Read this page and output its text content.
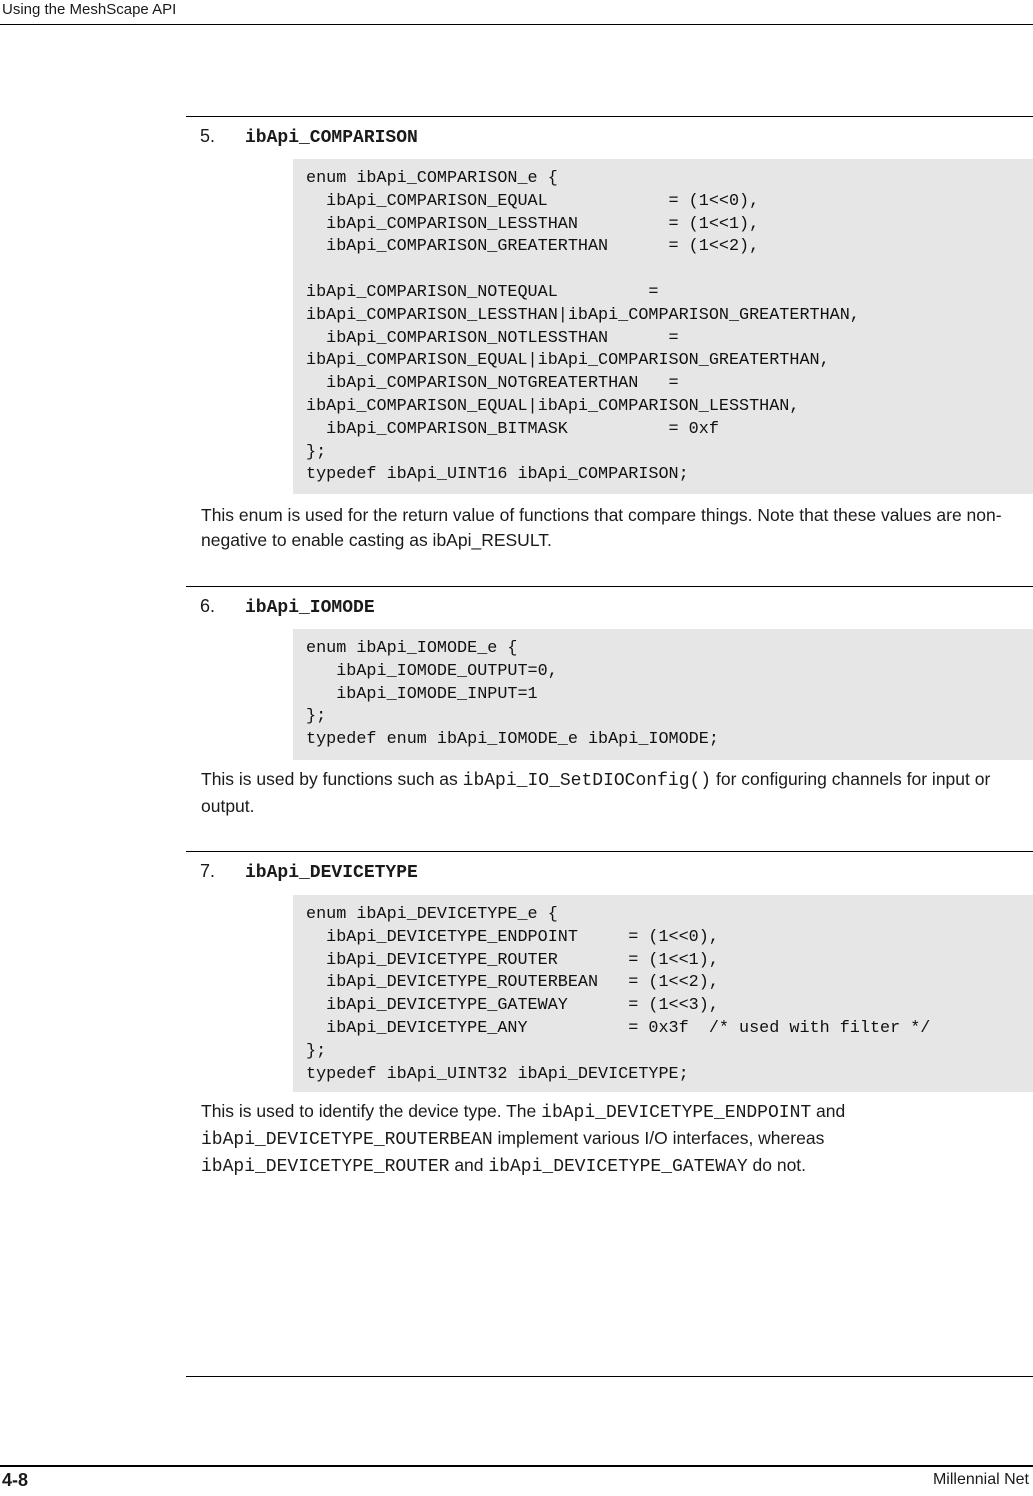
Using the MeshScape API
5. ibApi_COMPARISON
enum ibApi_COMPARISON_e {
ibApi_COMPARISON_EQUAL            = (1<<0),
ibApi_COMPARISON_LESSTHAN         = (1<<1),
ibApi_COMPARISON_GREATERTHAN      = (1<<2),

ibApi_COMPARISON_NOTEQUAL         =
ibApi_COMPARISON_LESSTHAN|ibApi_COMPARISON_GREATERTHAN,
ibApi_COMPARISON_NOTLESSTHAN      =
ibApi_COMPARISON_EQUAL|ibApi_COMPARISON_GREATERTHAN,
ibApi_COMPARISON_NOTGREATERTHAN   =
ibApi_COMPARISON_EQUAL|ibApi_COMPARISON_LESSTHAN,
ibApi_COMPARISON_BITMASK          = 0xf
};
typedef ibApi_UINT16 ibApi_COMPARISON;

This enum is used for the return value of functions that compare things. Note that these values are non-negative to enable casting as ibApi_RESULT.

6. ibApi_IOMODE
enum ibApi_IOMODE_e {
ibApi_IOMODE_OUTPUT=0,
ibApi_IOMODE_INPUT=1
};
typedef enum ibApi_IOMODE_e ibApi_IOMODE;

This is used by functions such as ibApi_IO_SetDIOConfig() for configuring channels for input or output.

7. ibApi_DEVICETYPE
enum ibApi_DEVICETYPE_e {
ibApi_DEVICETYPE_ENDPOINT     = (1<<0),
ibApi_DEVICETYPE_ROUTER       = (1<<1),
ibApi_DEVICETYPE_ROUTERBEAN   = (1<<2),
ibApi_DEVICETYPE_GATEWAY      = (1<<3),
ibApi_DEVICETYPE_ANY          = 0x3f  /* used with filter */
};
typedef ibApi_UINT32 ibApi_DEVICETYPE;

This is used to identify the device type. The ibApi_DEVICETYPE_ENDPOINT and
ibApi_DEVICETYPE_ROUTERBEAN implement various I/O interfaces, whereas
ibApi_DEVICETYPE_ROUTER and ibApi_DEVICETYPE_GATEWAY do not.

4-8	Millennial Net
